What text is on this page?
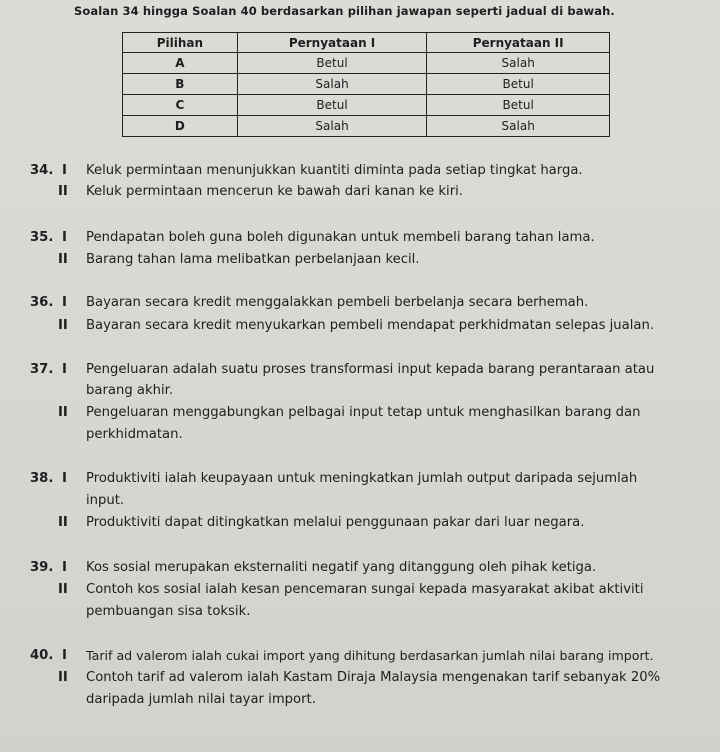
Soalan 34 hingga Soalan 40 berdasarkan pilihan jawapan seperti jadual di bawah.
Pilihan	Pernyataan I	Pernyataan II
A	Betul	Salah
B	Salah	Betul
C	Betul	Betul
D	Salah	Salah
34. I Keluk permintaan menunjukkan kuantiti diminta pada setiap tingkat harga.
II Keluk permintaan mencerun ke bawah dari kanan ke kiri.
35. I Pendapatan boleh guna boleh digunakan untuk membeli barang tahan lama.
II Barang tahan lama melibatkan perbelanjaan kecil.
36. I Bayaran secara kredit menggalakkan pembeli berbelanja secara berhemah.
II Bayaran secara kredit menyukarkan pembeli mendapat perkhidmatan selepas jualan.
37. I Pengeluaran adalah suatu proses transformasi input kepada barang perantaraan atau
barang akhir.
II Pengeluaran menggabungkan pelbagai input tetap untuk menghasilkan barang dan
perkhidmatan.
38. I Produktiviti ialah keupayaan untuk meningkatkan jumlah output daripada sejumlah
input.
II Produktiviti dapat ditingkatkan melalui penggunaan pakar dari luar negara.
39. I Kos sosial merupakan eksternaliti negatif yang ditanggung oleh pihak ketiga.
II Contoh kos sosial ialah kesan pencemaran sungai kepada masyarakat akibat aktiviti
pembuangan sisa toksik.
40. I Tarif ad valerom ialah cukai import yang dihitung berdasarkan jumlah nilai barang import.
II Contoh tarif ad valerom ialah Kastam Diraja Malaysia mengenakan tarif sebanyak 20%
daripada jumlah nilai tayar import.
